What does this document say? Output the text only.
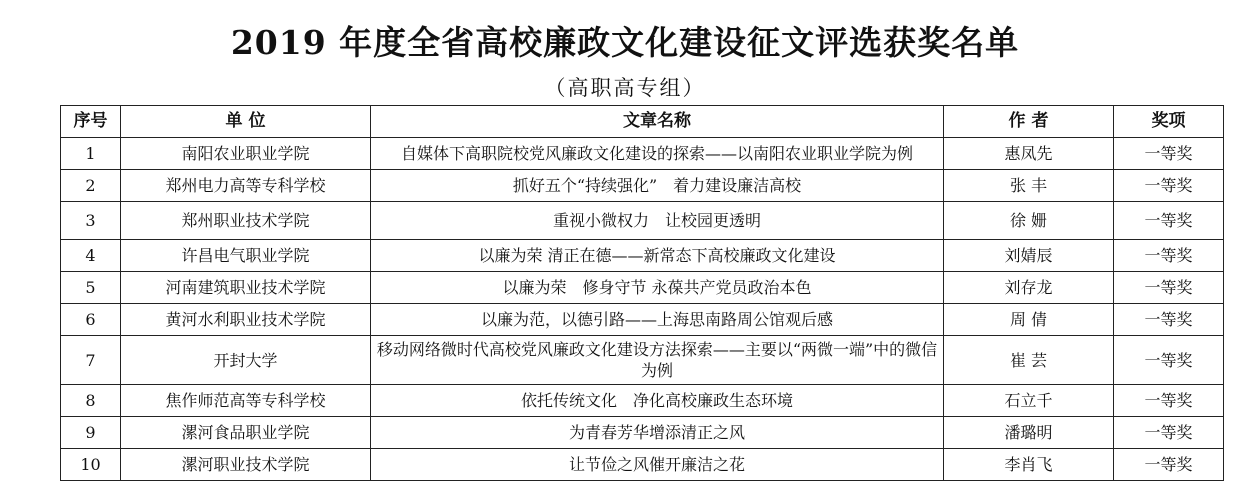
2019 年度全省高校廉政文化建设征文评选获奖名单
（高职高专组）
序号	单 位	文章名称	作 者	奖项
1	南阳农业职业学院	自媒体下高职院校党风廉政文化建设的探索——以南阳农业职业学院为例	惠凤先	一等奖
2	郑州电力高等专科学校	抓好五个“持续强化”　着力建设廉洁高校	张 丰	一等奖
3	郑州职业技术学院	重视小微权力　让校园更透明	徐 姗	一等奖
4	许昌电气职业学院	以廉为荣 清正在德——新常态下高校廉政文化建设	刘婧辰	一等奖
5	河南建筑职业技术学院	以廉为荣　修身守节 永葆共产党员政治本色	刘存龙	一等奖
6	黄河水利职业技术学院	以廉为范，以德引路——上海思南路周公馆观后感	周 倩	一等奖
7	开封大学	移动网络微时代高校党风廉政文化建设方法探索——主要以“两微一端”中的微信为例	崔 芸	一等奖
8	焦作师范高等专科学校	依托传统文化　净化高校廉政生态环境	石立千	一等奖
9	漯河食品职业学院	为青春芳华增添清正之风	潘璐明	一等奖
10	漯河职业技术学院	让节俭之风催开廉洁之花	李肖飞	一等奖
